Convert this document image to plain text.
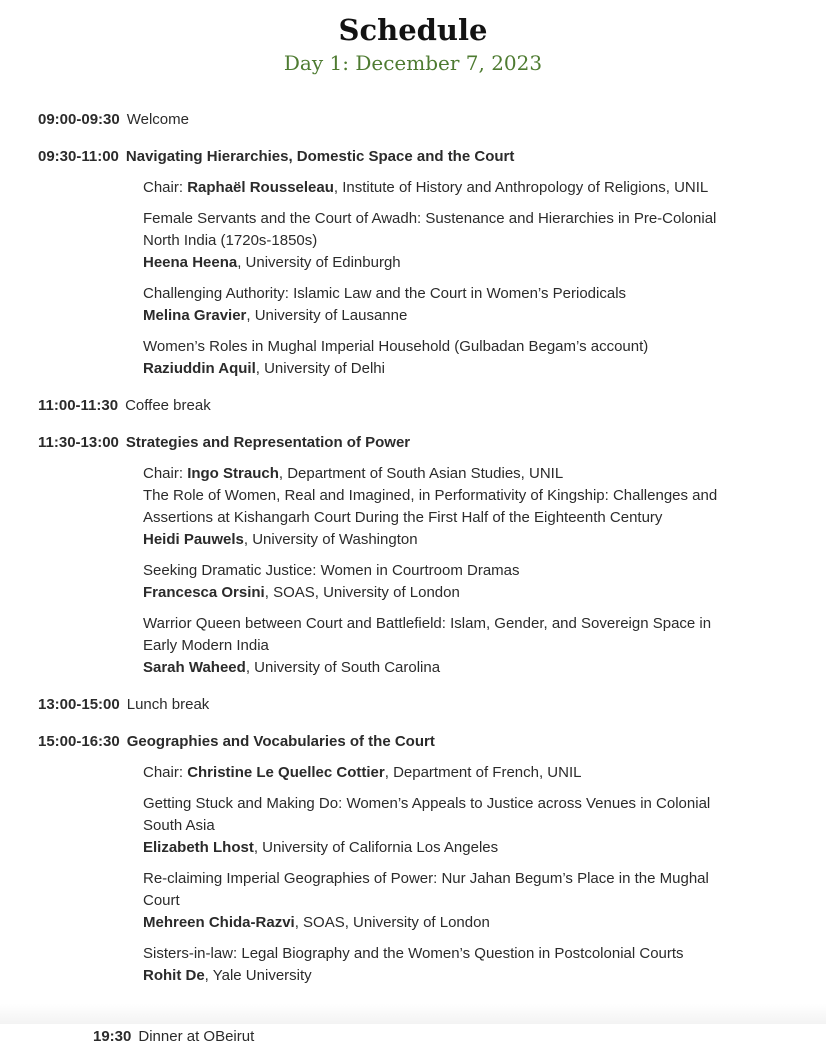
Schedule
Day 1: December 7, 2023
09:00-09:30 Welcome
09:30-11:00 Navigating Hierarchies, Domestic Space and the Court

Chair: Raphaël Rousseleau, Institute of History and Anthropology of Religions, UNIL

Female Servants and the Court of Awadh: Sustenance and Hierarchies in Pre-Colonial North India (1720s-1850s)
Heena Heena, University of Edinburgh

Challenging Authority: Islamic Law and the Court in Women’s Periodicals
Melina Gravier, University of Lausanne

Women’s Roles in Mughal Imperial Household (Gulbadan Begam’s account)
Raziuddin Aquil, University of Delhi

11:00-11:30 Coffee break
11:30-13:00 Strategies and Representation of Power

Chair: Ingo Strauch, Department of South Asian Studies, UNIL

The Role of Women, Real and Imagined, in Performativity of Kingship: Challenges and Assertions at Kishangarh Court During the First Half of the Eighteenth Century
Heidi Pauwels, University of Washington

Seeking Dramatic Justice: Women in Courtroom Dramas
Francesca Orsini, SOAS, University of London

Warrior Queen between Court and Battlefield: Islam, Gender, and Sovereign Space in Early Modern India
Sarah Waheed, University of South Carolina

13:00-15:00 Lunch break
15:00-16:30 Geographies and Vocabularies of the Court

Chair: Christine Le Quellec Cottier, Department of French, UNIL

Getting Stuck and Making Do: Women’s Appeals to Justice across Venues in Colonial South Asia
Elizabeth Lhost, University of California Los Angeles

Re-claiming Imperial Geographies of Power: Nur Jahan Begum’s Place in the Mughal Court
Mehreen Chida-Razvi, SOAS, University of London

Sisters-in-law: Legal Biography and the Women’s Question in Postcolonial Courts
Rohit De, Yale University

19:30 Dinner at OBeirut
